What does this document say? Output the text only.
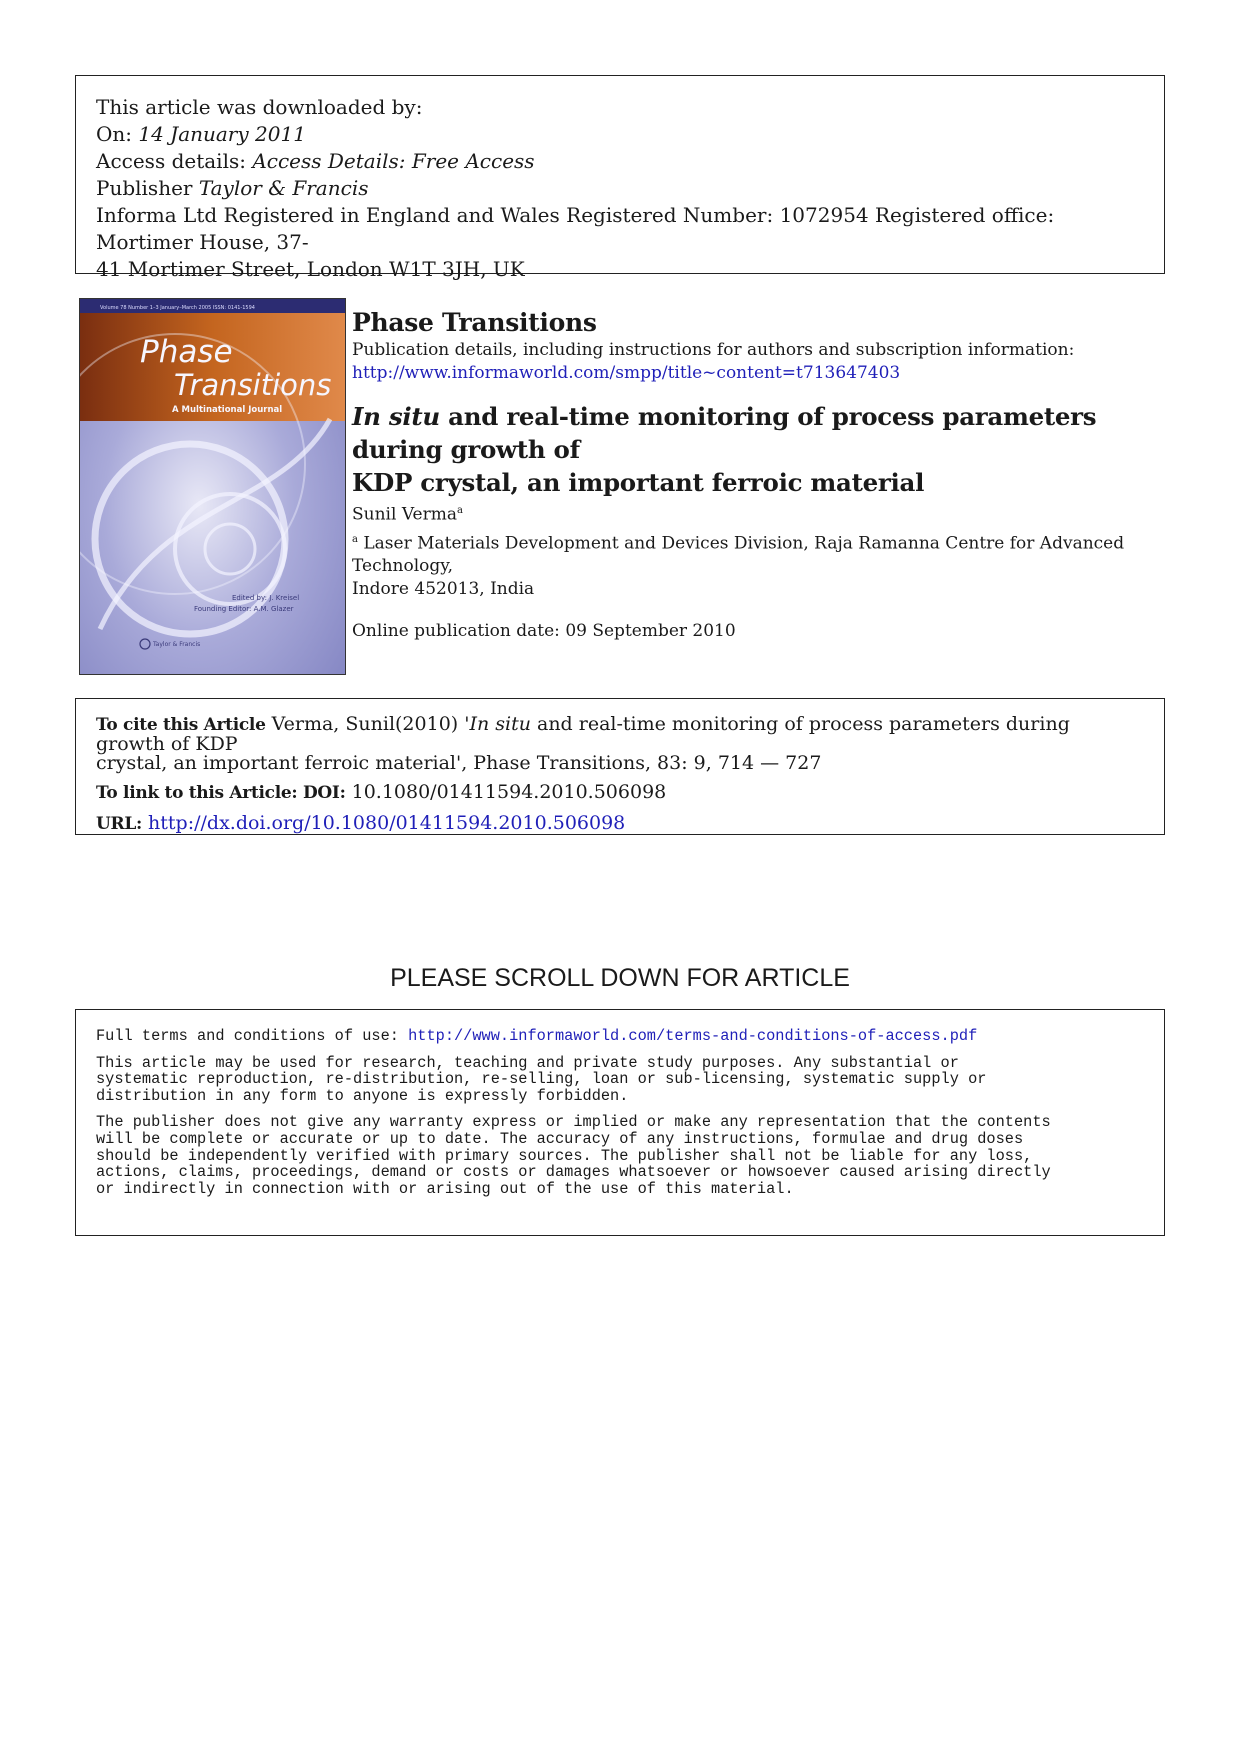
This article was downloaded by:
On: 14 January 2011
Access details: Access Details: Free Access
Publisher Taylor & Francis
Informa Ltd Registered in England and Wales Registered Number: 1072954 Registered office: Mortimer House, 37-
41 Mortimer Street, London W1T 3JH, UK
Volume 78 Number 1–3 January–March 2005 ISSN: 0141-1594
Phase
Transitions
A Multinational Journal
Edited by: J. Kreisel
Founding Editor: A.M. Glazer
Taylor & Francis
Phase Transitions
Publication details, including instructions for authors and subscription information:
http://www.informaworld.com/smpp/title~content=t713647403
In situ and real-time monitoring of process parameters during growth of
KDP crystal, an important ferroic material
Sunil Verma$^a$
$^a$ Laser Materials Development and Devices Division, Raja Ramanna Centre for Advanced Technology,
Indore 452013, India
Online publication date: 09 September 2010
To cite this Article Verma, Sunil(2010) 'In situ and real-time monitoring of process parameters during growth of KDP
crystal, an important ferroic material', Phase Transitions, 83: 9, 714 — 727
To link to this Article: DOI: 10.1080/01411594.2010.506098
URL: http://dx.doi.org/10.1080/01411594.2010.506098
PLEASE SCROLL DOWN FOR ARTICLE

Full terms and conditions of use: http://www.informaworld.com/terms-and-conditions-of-access.pdf

This article may be used for research, teaching and private study purposes. Any substantial or
systematic reproduction, re-distribution, re-selling, loan or sub-licensing, systematic supply or
distribution in any form to anyone is expressly forbidden.

The publisher does not give any warranty express or implied or make any representation that the contents
will be complete or accurate or up to date. The accuracy of any instructions, formulae and drug doses
should be independently verified with primary sources. The publisher shall not be liable for any loss,
actions, claims, proceedings, demand or costs or damages whatsoever or howsoever caused arising directly
or indirectly in connection with or arising out of the use of this material.
